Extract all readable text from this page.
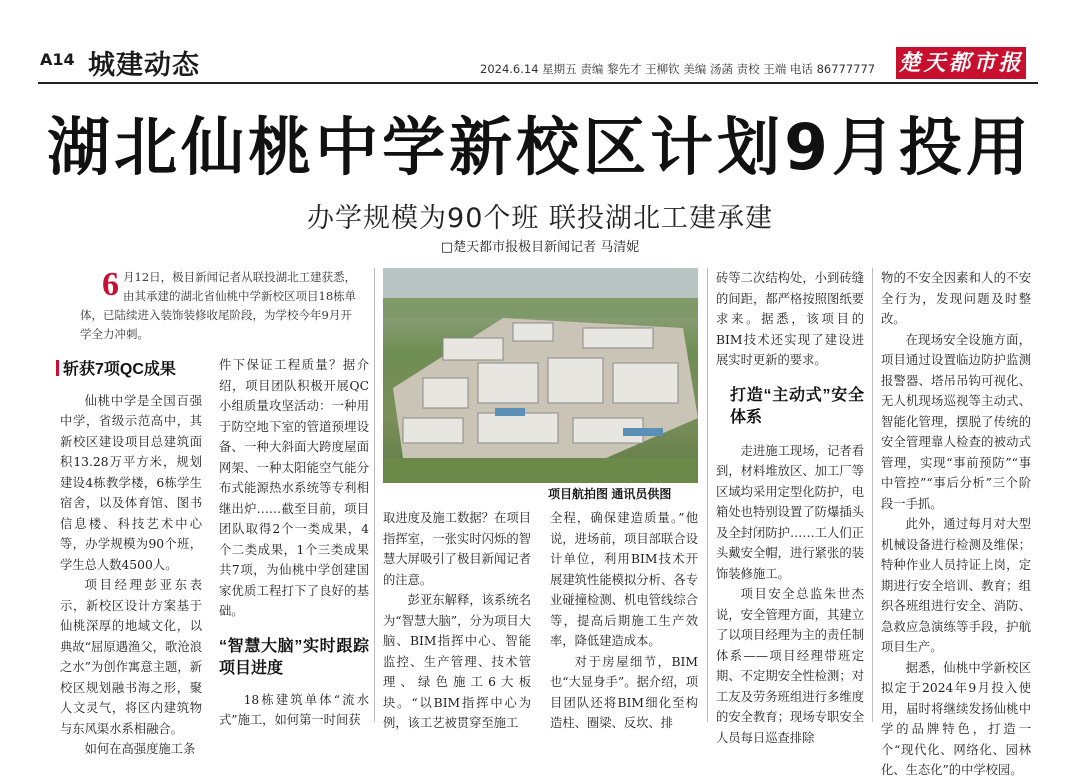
A14 城建动态	2024.6.14 星期五 责编 黎先才 王柳钦 美编 汤菡 责校 王端 电话 86777777 楚天都市报
湖北仙桃中学新校区计划9月投用
办学规模为90个班 联投湖北工建承建
□楚天都市报极目新闻记者 马清妮
6 月12日，极目新闻记者从联投湖北工建获悉，由其承建的湖北省仙桃中学新校区项目18栋单体，已陆续进入装饰装修收尾阶段，为学校今年9月开学全力冲刺。
斩获7项QC成果

仙桃中学是全国百强中学，省级示范高中，其新校区建设项目总建筑面积13.28万平方米，规划建设4栋教学楼，6栋学生宿舍，以及体育馆、图书信息楼、科技艺术中心等，办学规模为90个班，学生总人数4500人。

项目经理彭亚东表示，新校区设计方案基于仙桃深厚的地域文化，以典故“屈原遇渔父，歌沧浪之水”为创作寓意主题，新校区规划融书海之形，聚人文灵气，将区内建筑物与东风渠水系相融合。

如何在高强度施工条

件下保证工程质量？据介绍，项目团队积极开展QC小组质量攻坚活动：一种用于防空地下室的管道预埋设备、一种大斜面大跨度屋面网架、一种太阳能空气能分布式能源热水系统等专利相继出炉……截至目前，项目团队取得2个一类成果，4个二类成果，1个三类成果共7项，为仙桃中学创建国家优质工程打下了良好的基础。

“智慧大脑”实时跟踪项目进度

18栋建筑单体“流水式”施工，如何第一时间获

项目航拍图 通讯员供图

取进度及施工数据？在项目指挥室，一张实时闪烁的智慧大屏吸引了极目新闻记者的注意。

彭亚东解释，该系统名为“智慧大脑”，分为项目大脑、BIM指挥中心、智能监控、生产管理、技术管理、绿色施工6大板块。“以BIM指挥中心为例，该工艺被贯穿至施工

全程，确保建造质量。”他说，进场前，项目部联合设计单位，利用BIM技术开展建筑性能模拟分析、各专业碰撞检测、机电管线综合等，提高后期施工生产效率，降低建造成本。

对于房屋细节，BIM也“大显身手”。据介绍，项目团队还将BIM细化至构造柱、圈梁、反坎、排

砖等二次结构处，小到砖缝的间距，都严格按照图纸要求来。据悉，该项目的BIM技术还实现了建设进展实时更新的要求。

打造“主动式”安全体系

走进施工现场，记者看到，材料堆放区、加工厂等区域均采用定型化防护，电箱处也特别设置了防爆插头及全封闭防护……工人们正头戴安全帽，进行紧张的装饰装修施工。

项目安全总监朱世杰说，安全管理方面，其建立了以项目经理为主的责任制体系——项目经理带班定期、不定期安全性检测；对工友及劳务班组进行多维度的安全教育；现场专职安全人员每日巡查排除

物的不安全因素和人的不安全行为，发现问题及时整改。

在现场安全设施方面，项目通过设置临边防护监测报警器、塔吊吊钩可视化、无人机现场巡视等主动式、智能化管理，摆脱了传统的安全管理靠人检查的被动式管理，实现“事前预防”“事中管控”“事后分析”三个阶段一手抓。

此外，通过每月对大型机械设备进行检测及维保；特种作业人员持证上岗，定期进行安全培训、教育；组织各班组进行安全、消防、急救应急演练等手段，护航项目生产。

据悉，仙桃中学新校区拟定于2024年9月投入使用，届时将继续发扬仙桃中学的品牌特色，打造一个“现代化、网络化、园林化、生态化”的中学校园。
